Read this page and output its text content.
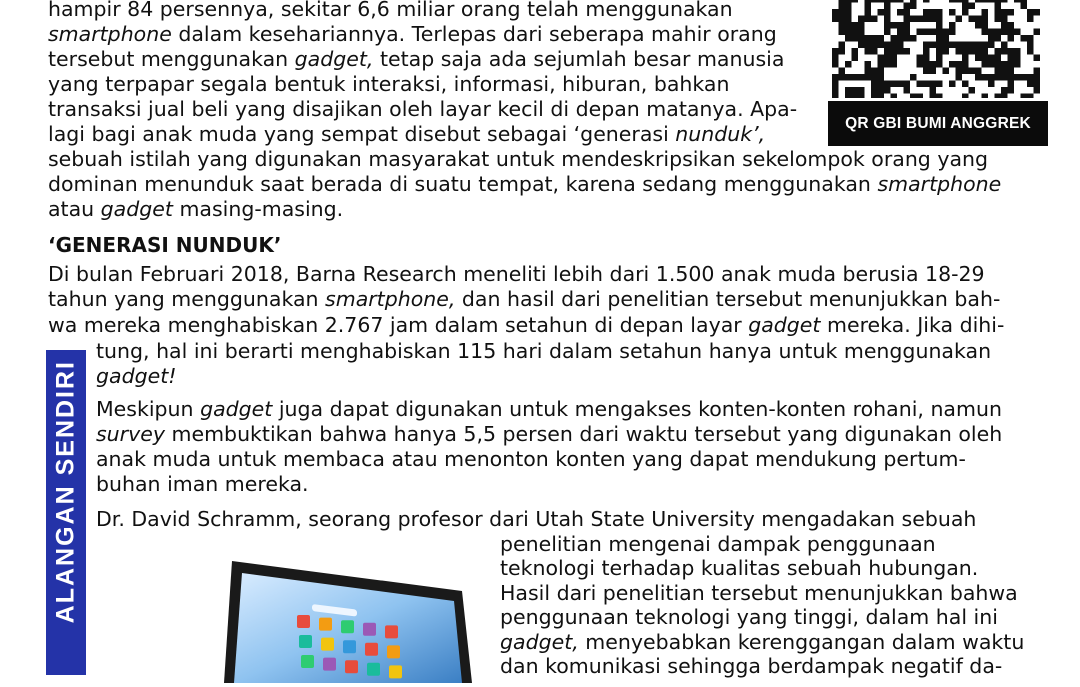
QR GBI BUMI ANGGREK
hampir 84 persennya, sekitar 6,6 miliar orang telah menggunakan
smartphone dalam kesehariannya. Terlepas dari seberapa mahir orang
tersebut menggunakan gadget, tetap saja ada sejumlah besar manusia
yang terpapar segala bentuk interaksi, informasi, hiburan, bahkan
transaksi jual beli yang disajikan oleh layar kecil di depan matanya. Apa-
lagi bagi anak muda yang sempat disebut sebagai ‘generasi nunduk’,
sebuah istilah yang digunakan masyarakat untuk mendeskripsikan sekelompok orang yang
dominan menunduk saat berada di suatu tempat, karena sedang menggunakan smartphone
atau gadget masing-masing.
‘GENERASI NUNDUK’
Di bulan Februari 2018, Barna Research meneliti lebih dari 1.500 anak muda berusia 18-29
tahun yang menggunakan smartphone, dan hasil dari penelitian tersebut menunjukkan bah-
wa mereka menghabiskan 2.767 jam dalam setahun di depan layar gadget mereka. Jika dihi-
tung, hal ini berarti menghabiskan 115 hari dalam setahun hanya untuk menggunakan
gadget!
Meskipun gadget juga dapat digunakan untuk mengakses konten-konten rohani, namun
survey membuktikan bahwa hanya 5,5 persen dari waktu tersebut yang digunakan oleh
anak muda untuk membaca atau menonton konten yang dapat mendukung pertum-
buhan iman mereka.
Dr. David Schramm, seorang profesor dari Utah State University mengadakan sebuah
penelitian mengenai dampak penggunaan
teknologi terhadap kualitas sebuah hubungan.
Hasil dari penelitian tersebut menunjukkan bahwa
penggunaan teknologi yang tinggi, dalam hal ini
gadget, menyebabkan kerenggangan dalam waktu
dan komunikasi sehingga berdampak negatif da-
ALANGAN SENDIRI
